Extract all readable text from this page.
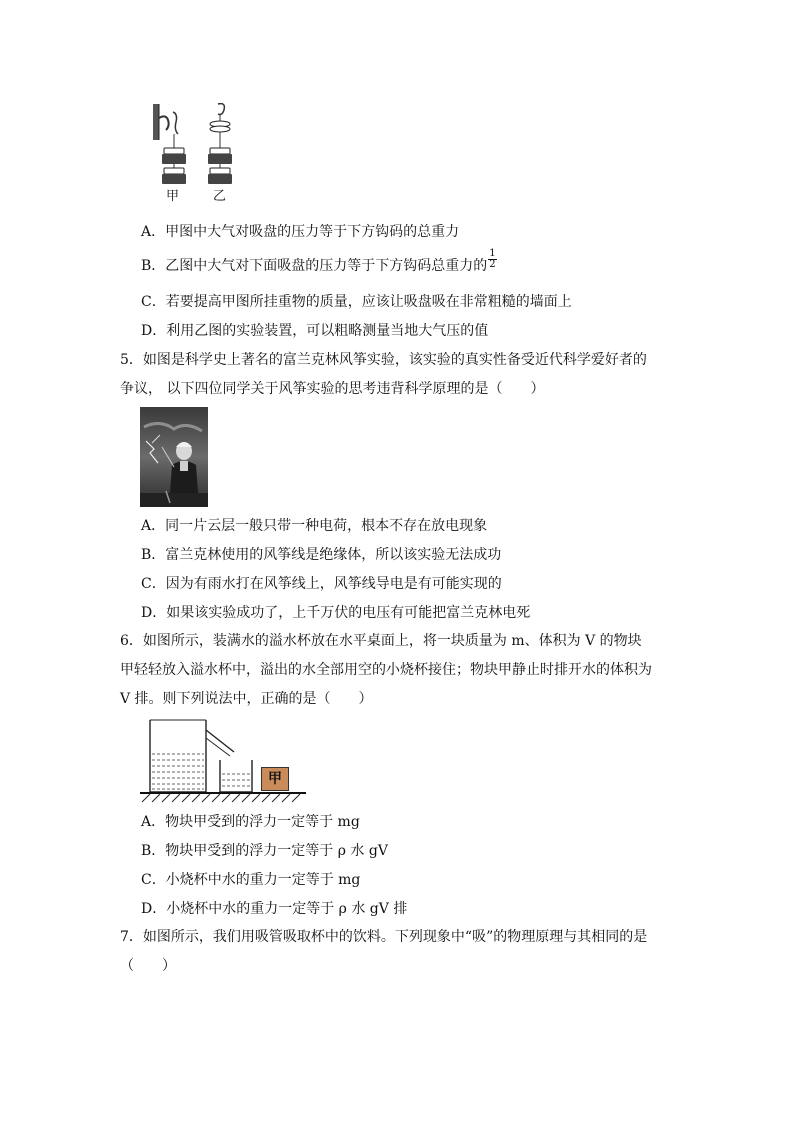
甲	乙
A．甲图中大气对吸盘的压力等于下方钩码的总重力
B．乙图中大气对下面吸盘的压力等于下方钩码总重力的 $\frac{1}{2}$
C．若要提高甲图所挂重物的质量，应该让吸盘吸在非常粗糙的墙面上
D．利用乙图的实验装置，可以粗略测量当地大气压的值
5．如图是科学史上著名的富兰克林风筝实验，该实验的真实性备受近代科学爱好者的
争议， 以下四位同学关于风筝实验的思考违背科学原理的是（　　）
A．同一片云层一般只带一种电荷，根本不存在放电现象
B．富兰克林使用的风筝线是绝缘体，所以该实验无法成功
C．因为有雨水打在风筝线上，风筝线导电是有可能实现的
D．如果该实验成功了，上千万伏的电压有可能把富兰克林电死
6．如图所示，装满水的溢水杯放在水平桌面上，将一块质量为 m、体积为 V 的物块
甲轻轻放入溢水杯中，溢出的水全部用空的小烧杯接住；物块甲静止时排开水的体积为
V 排。则下列说法中，正确的是（　　）
甲
A．物块甲受到的浮力一定等于 mg
B．物块甲受到的浮力一定等于 ρ 水 gV
C．小烧杯中水的重力一定等于 mg
D．小烧杯中水的重力一定等于 ρ 水 gV 排
7．如图所示，我们用吸管吸取杯中的饮料。下列现象中“吸”的物理原理与其相同的是
（　　）
